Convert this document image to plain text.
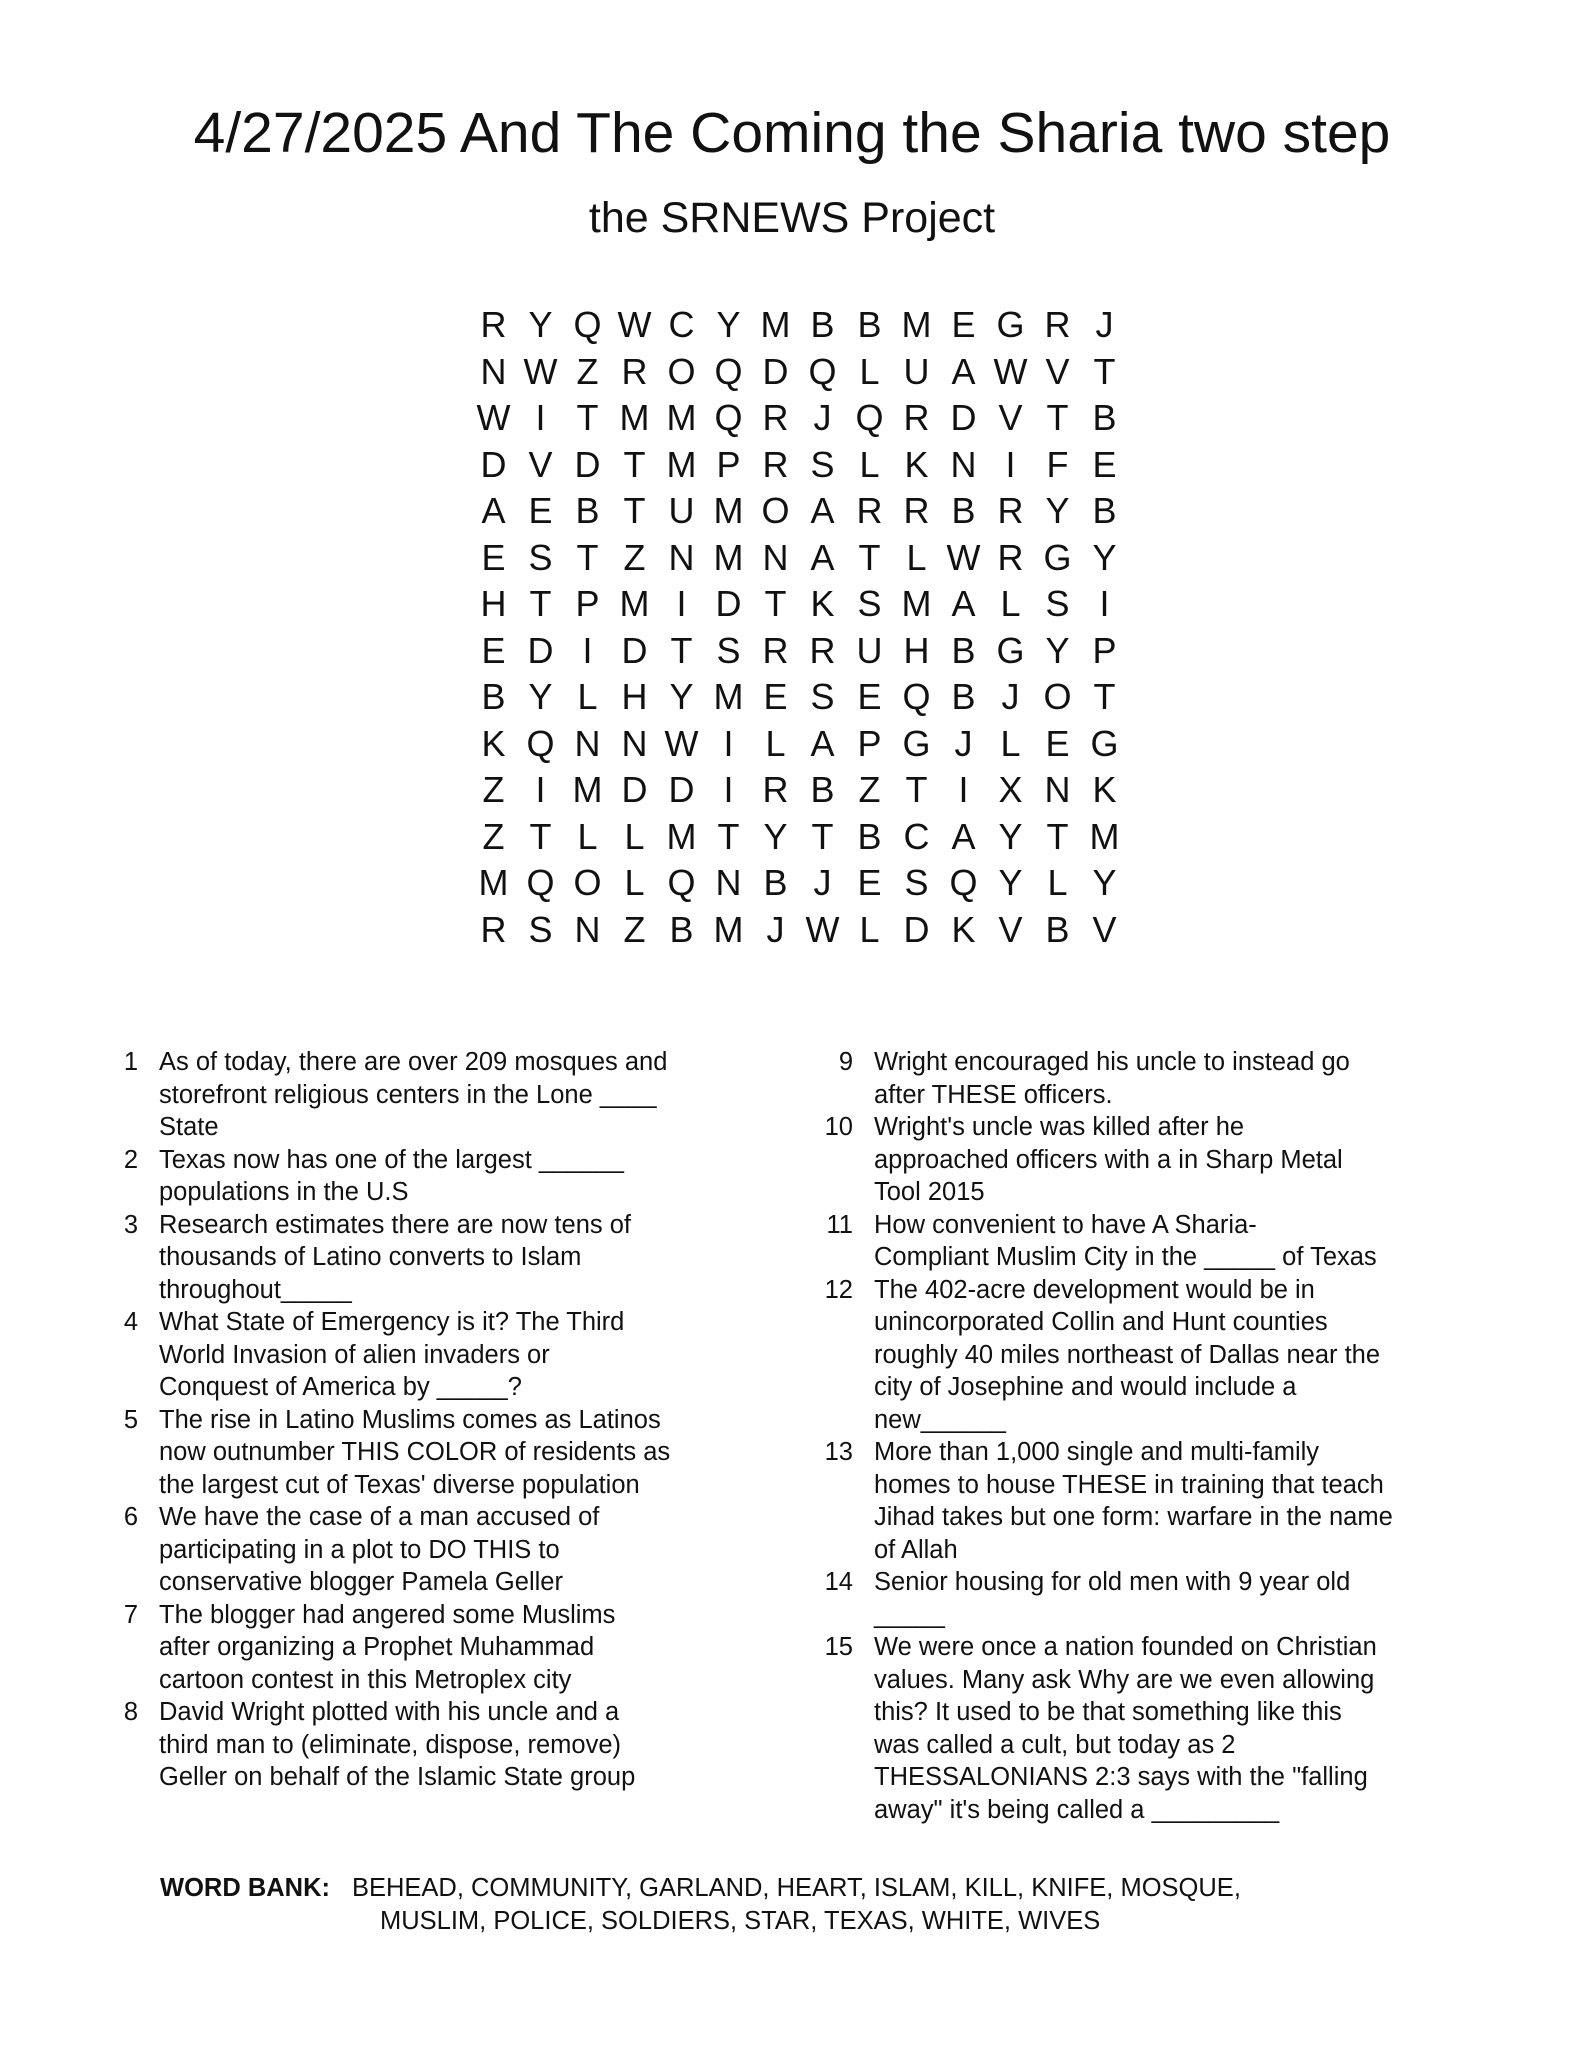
4/27/2025 And The Coming the Sharia two step
the SRNEWS Project
R Y Q W C Y M B B M E G R J
N W Z R O Q D Q L U A W V T
W I T M M Q R J Q R D V T B
D V D T M P R S L K N I F E
A E B T U M O A R R B R Y B
E S T Z N M N A T L W R G Y
H T P M I D T K S M A L S I
E D I D T S R R U H B G Y P
B Y L H Y M E S E Q B J O T
K Q N N W I L A P G J L E G
Z I M D D I R B Z T I X N K
Z T L L M T Y T B C A Y T M
M Q O L Q N B J E S Q Y L Y
R S N Z B M J W L D K V B V
1 As of today, there are over 209 mosques and
storefront religious centers in the Lone ____
State
2 Texas now has one of the largest ______
populations in the U.S
3 Research estimates there are now tens of
thousands of Latino converts to Islam
throughout_____
4 What State of Emergency is it? The Third
World Invasion of alien invaders or
Conquest of America by _____?
5 The rise in Latino Muslims comes as Latinos
now outnumber THIS COLOR of residents as
the largest cut of Texas' diverse population
6 We have the case of a man accused of
participating in a plot to DO THIS to
conservative blogger Pamela Geller
7 The blogger had angered some Muslims
after organizing a Prophet Muhammad
cartoon contest in this Metroplex city
8 David Wright plotted with his uncle and a
third man to (eliminate, dispose, remove)
Geller on behalf of the Islamic State group
9 Wright encouraged his uncle to instead go
after THESE officers.
10 Wright's uncle was killed after he
approached officers with a in Sharp Metal
Tool 2015
11 How convenient to have A Sharia-
Compliant Muslim City in the _____ of Texas
12 The 402-acre development would be in
unincorporated Collin and Hunt counties
roughly 40 miles northeast of Dallas near the
city of Josephine and would include a
new______
13 More than 1,000 single and multi-family
homes to house THESE in training that teach
Jihad takes but one form: warfare in the name
of Allah
14 Senior housing for old men with 9 year old
_____
15 We were once a nation founded on Christian
values. Many ask Why are we even allowing
this? It used to be that something like this
was called a cult, but today as 2
THESSALONIANS 2:3 says with the "falling
away" it's being called a _________
WORD BANK: BEHEAD, COMMUNITY, GARLAND, HEART, ISLAM, KILL, KNIFE, MOSQUE,
MUSLIM, POLICE, SOLDIERS, STAR, TEXAS, WHITE, WIVES
